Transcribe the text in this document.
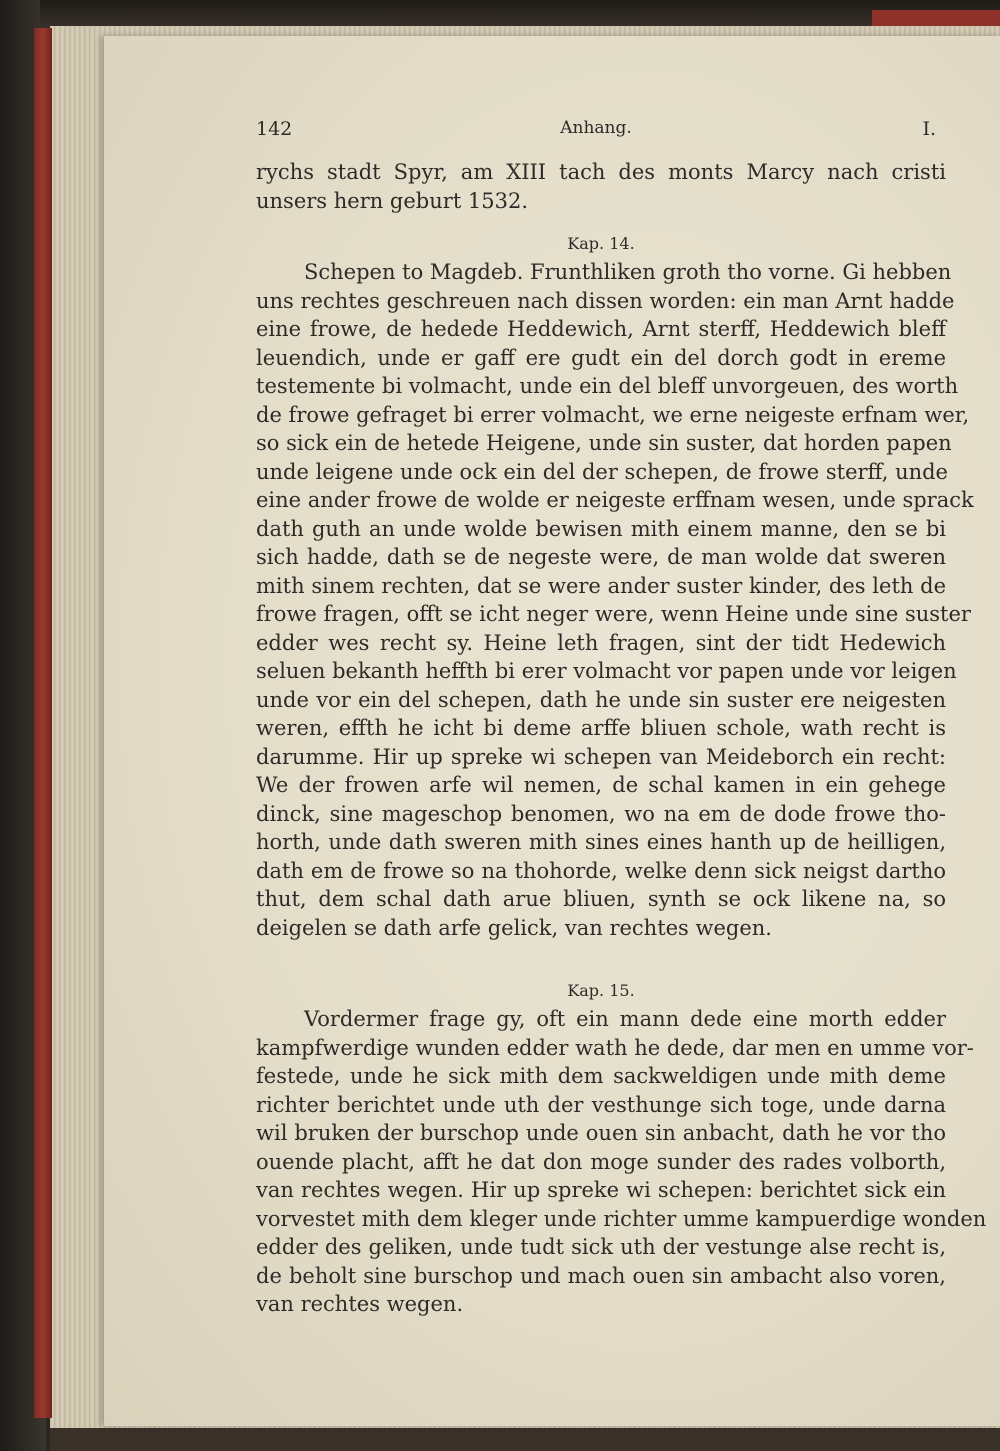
142	Anhang.	I.
rychs stadt Spyr, am XIII tach des monts Marcy nach cristi
unsers hern geburt 1532.
Kap. 14.
Schepen to Magdeb. Frunthliken groth tho vorne. Gi hebben
uns rechtes geschreuen nach dissen worden: ein man Arnt hadde
eine frowe, de hedede Heddewich, Arnt sterff, Heddewich bleff
leuendich, unde er gaff ere gudt ein del dorch godt in ereme
testemente bi volmacht, unde ein del bleff unvorgeuen, des worth
de frowe gefraget bi errer volmacht, we erne neigeste erfnam wer,
so sick ein de hetede Heigene, unde sin suster, dat horden papen
unde leigene unde ock ein del der schepen, de frowe sterff, unde
eine ander frowe de wolde er neigeste erffnam wesen, unde sprack
dath guth an unde wolde bewisen mith einem manne, den se bi
sich hadde, dath se de negeste were, de man wolde dat sweren
mith sinem rechten, dat se were ander suster kinder, des leth de
frowe fragen, offt se icht neger were, wenn Heine unde sine suster
edder wes recht sy. Heine leth fragen, sint der tidt Hedewich
seluen bekanth heffth bi erer volmacht vor papen unde vor leigen
unde vor ein del schepen, dath he unde sin suster ere neigesten
weren, effth he icht bi deme arffe bliuen schole, wath recht is
darumme. Hir up spreke wi schepen van Meideborch ein recht:
We der frowen arfe wil nemen, de schal kamen in ein gehege
dinck, sine mageschop benomen, wo na em de dode frowe tho-
horth, unde dath sweren mith sines eines hanth up de heilligen,
dath em de frowe so na thohorde, welke denn sick neigst dartho
thut, dem schal dath arue bliuen, synth se ock likene na, so
deigelen se dath arfe gelick, van rechtes wegen.
Kap. 15.
Vordermer frage gy, oft ein mann dede eine morth edder
kampfwerdige wunden edder wath he dede, dar men en umme vor-
festede, unde he sick mith dem sackweldigen unde mith deme
richter berichtet unde uth der vesthunge sich toge, unde darna
wil bruken der burschop unde ouen sin anbacht, dath he vor tho
ouende placht, afft he dat don moge sunder des rades volborth,
van rechtes wegen. Hir up spreke wi schepen: berichtet sick ein
vorvestet mith dem kleger unde richter umme kampuerdige wonden
edder des geliken, unde tudt sick uth der vestunge alse recht is,
de beholt sine burschop und mach ouen sin ambacht also voren,
van rechtes wegen.
